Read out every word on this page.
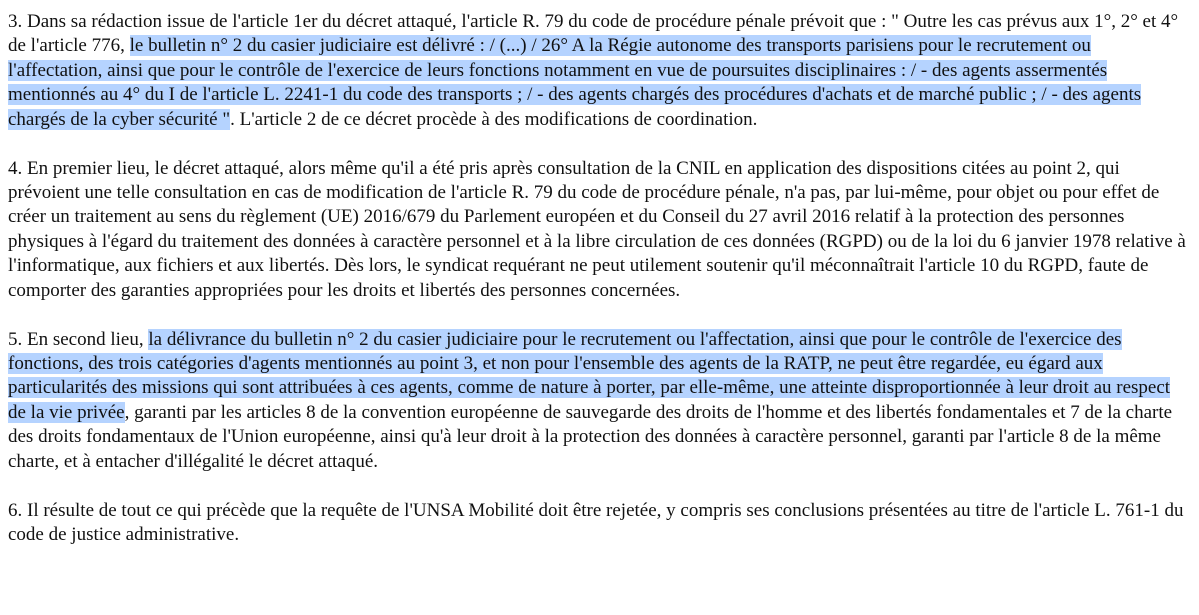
3. Dans sa rédaction issue de l'article 1er du décret attaqué, l'article R. 79 du code de procédure pénale prévoit que : " Outre les cas prévus aux 1°, 2° et 4° de l'article 776, le bulletin n° 2 du casier judiciaire est délivré : / (...) / 26° A la Régie autonome des transports parisiens pour le recrutement ou l'affectation, ainsi que pour le contrôle de l'exercice de leurs fonctions notamment en vue de poursuites disciplinaires : / - des agents assermentés mentionnés au 4° du I de l'article L. 2241-1 du code des transports ; / - des agents chargés des procédures d'achats et de marché public ; / - des agents chargés de la cyber sécurité ". L'article 2 de ce décret procède à des modifications de coordination.

4. En premier lieu, le décret attaqué, alors même qu'il a été pris après consultation de la CNIL en application des dispositions citées au point 2, qui prévoient une telle consultation en cas de modification de l'article R. 79 du code de procédure pénale, n'a pas, par lui-même, pour objet ou pour effet de créer un traitement au sens du règlement (UE) 2016/679 du Parlement européen et du Conseil du 27 avril 2016 relatif à la protection des personnes physiques à l'égard du traitement des données à caractère personnel et à la libre circulation de ces données (RGPD) ou de la loi du 6 janvier 1978 relative à l'informatique, aux fichiers et aux libertés. Dès lors, le syndicat requérant ne peut utilement soutenir qu'il méconnaîtrait l'article 10 du RGPD, faute de comporter des garanties appropriées pour les droits et libertés des personnes concernées.

5. En second lieu, la délivrance du bulletin n° 2 du casier judiciaire pour le recrutement ou l'affectation, ainsi que pour le contrôle de l'exercice des fonctions, des trois catégories d'agents mentionnés au point 3, et non pour l'ensemble des agents de la RATP, ne peut être regardée, eu égard aux particularités des missions qui sont attribuées à ces agents, comme de nature à porter, par elle-même, une atteinte disproportionnée à leur droit au respect de la vie privée, garanti par les articles 8 de la convention européenne de sauvegarde des droits de l'homme et des libertés fondamentales et 7 de la charte des droits fondamentaux de l'Union européenne, ainsi qu'à leur droit à la protection des données à caractère personnel, garanti par l'article 8 de la même charte, et à entacher d'illégalité le décret attaqué.

6. Il résulte de tout ce qui précède que la requête de l'UNSA Mobilité doit être rejetée, y compris ses conclusions présentées au titre de l'article L. 761-1 du code de justice administrative.
